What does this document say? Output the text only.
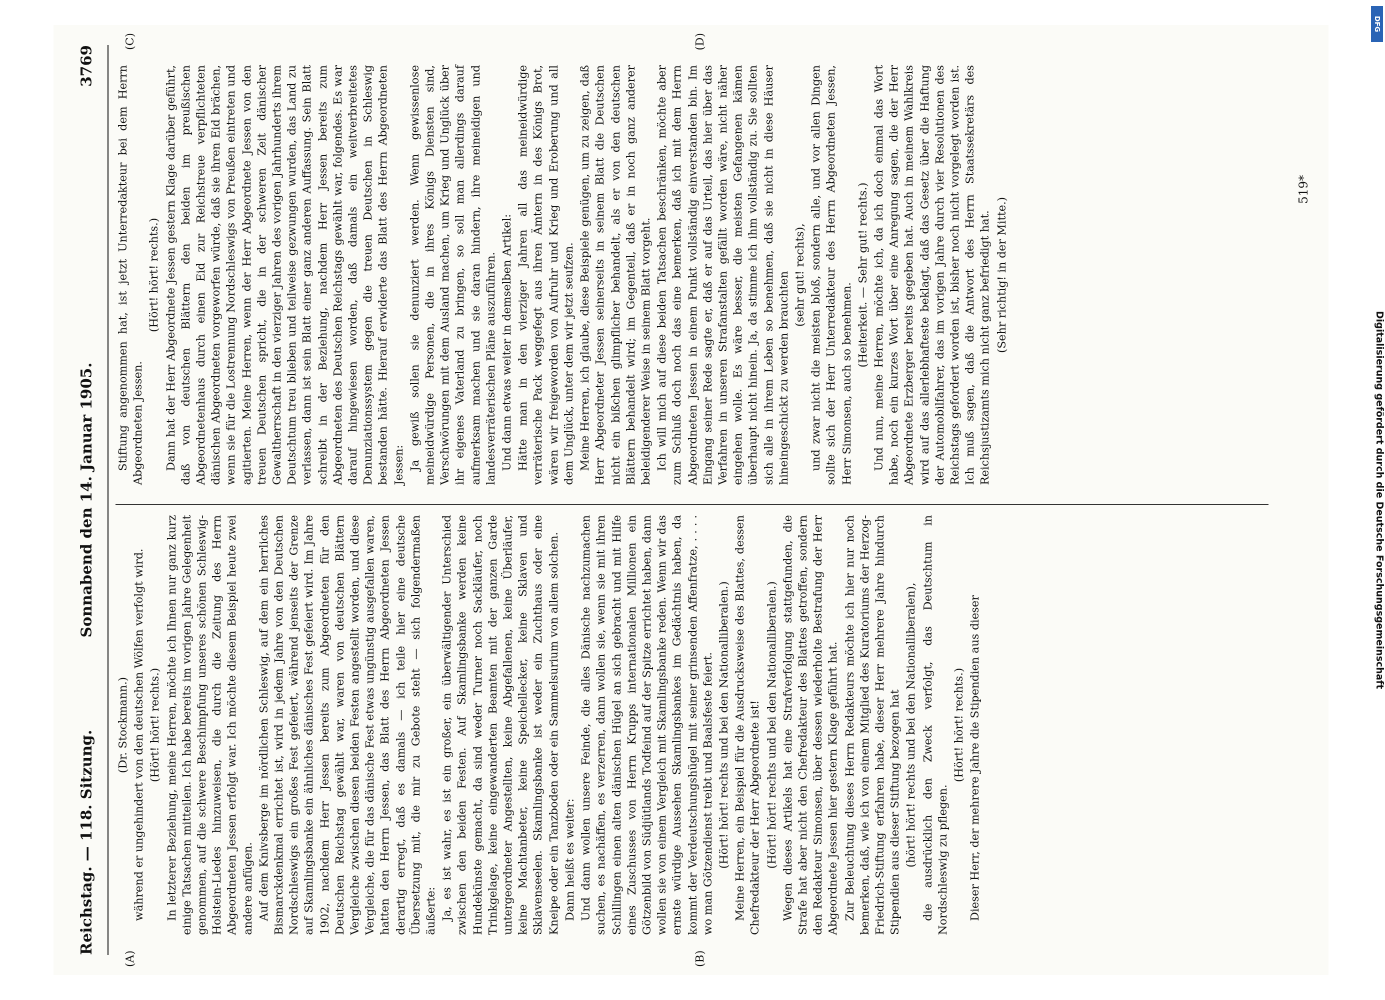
Reichstag. — 118. Sitzung.
Sonnabend den 14. Januar 1905.
3769
(A)	(B)
(C)	(D)

(Dr. Stockmann.) während er ungehindert von den deutschen Wölfen verfolgt wird. (Hört! hört! rechts.) In letzterer Beziehung, meine Herren, möchte ich Ihnen nur ganz kurz einige Tatsachen mitteilen. Ich habe bereits im vorigen Jahre Gelegenheit genommen, auf die schwere Beschimpfung unseres schönen Schleswig-Holstein-Liedes hinzuweisen, die durch die Zeitung des Herrn Abgeordneten Jessen erfolgt war. Ich möchte diesem Beispiel heute zwei andere anfügen. Auf dem Knivsberge im nördlichen Schleswig, auf dem ein herrliches Bismarckdenkmal errichtet ist, wird in jedem Jahre von den Deutschen Nordschleswigs ein großes Fest gefeiert, während jenseits der Grenze auf Skamlingsbanke ein ähnliches dänisches Fest gefeiert wird. Im Jahre 1902, nachdem Herr Jessen bereits zum Abgeordneten für den Deutschen Reichstag gewählt war, waren von deutschen Blättern Vergleiche zwischen diesen beiden Festen angestellt worden, und diese Vergleiche, die für das dänische Fest etwas ungünstig ausgefallen waren, hatten den Herrn Jessen, das Blatt des Herrn Abgeordneten Jessen derartig erregt, daß es damals — ich teile hier eine deutsche Übersetzung mit, die mir zu Gebote steht — sich folgendermaßen äußerte: Ja, es ist wahr, es ist ein großer, ein überwältigender Unterschied zwischen den beiden Festen. Auf Skamlingsbanke werden keine Hundekünste gemacht, da sind weder Turner noch Sackläufer, noch Trinkgelage, keine eingewanderten Beamten mit der ganzen Garde untergeordneter Angestellten, keine Abgefallenen, keine Überläufer, keine Machtanbeter, keine Speichellecker, keine Sklaven und Sklavenseelen. Skamlingsbanke ist weder ein Zuchthaus oder eine Kneipe oder ein Tanzboden oder ein Sammelsurium von allem solchen. Dann heißt es weiter: Und dann wollen unsere Feinde, die alles Dänische nachzumachen suchen, es nachäffen, es verzerren, dann wollen sie, wenn sie mit ihren Schillingen einen alten dänischen Hügel an sich gebracht und mit Hilfe eines Zuschusses von Herrn Krupps internationalen Millionen ein Götzenbild von Südjütlands Todfeind auf der Spitze errichtet haben, dann wollen sie von einem Vergleich mit Skamlingsbanke reden. Wenn wir das ernste würdige Aussehen Skamlingsbankes im Gedächtnis haben, da kommt der Verdeutschungshügel mit seiner grinsenden Affenfratze, . . . . wo man Götzendienst treibt und Baalsfeste feiert. (Hört! hört! rechts und bei den Nationalliberalen.) Meine Herren, ein Beispiel für die Ausdrucksweise des Blattes, dessen Chefredakteur der Herr Abgeordnete ist! (Hört! hört! rechts und bei den Nationalliberalen.) Wegen dieses Artikels hat eine Strafverfolgung stattgefunden, die Strafe hat aber nicht den Chefredakteur des Blattes getroffen, sondern den Redakteur Simonsen, über dessen wiederholte Bestrafung der Herr Abgeordnete Jessen hier gestern Klage geführt hat. Zur Beleuchtung dieses Herrn Redakteurs möchte ich hier nur noch bemerken, daß, wie ich von einem Mitglied des Kuratoriums der Herzog-Friedrich-Stiftung erfahren habe, dieser Herr mehrere Jahre hindurch Stipendien aus dieser Stiftung bezogen hat (hört! hört! rechts und bei den Nationalliberalen), die ausdrücklich den Zweck verfolgt, das Deutschtum in Nordschleswig zu pflegen.

(Hört! hört! rechts.) Dieser Herr, der mehrere Jahre die Stipendien aus dieser

Stiftung angenommen hat, ist jetzt Unterredakteur bei dem Herrn Abgeordneten Jessen.

(Hört! hört! rechts.) Dann hat der Herr Abgeordnete Jessen gestern Klage darüber geführt, daß von deutschen Blättern den beiden im preußischen Abgeordnetenhaus durch einen Eid zur Reichstreue verpflichteten dänischen Abgeordneten vorgeworfen würde, daß sie ihren Eid brächen, wenn sie für die Lostrennung Nordschleswigs von Preußen eintreten und agitierten. Meine Herren, wenn der Herr Abgeordnete Jessen von den treuen Deutschen spricht, die in der schweren Zeit dänischer Gewaltherrschaft in den vierziger Jahren des vorigen Jahrhunderts ihrem Deutschtum treu blieben und teilweise gezwungen wurden, das Land zu verlassen, dann ist sein Blatt einer ganz anderen Auffassung. Sein Blatt schreibt in der Beziehung, nachdem Herr Jessen bereits zum Abgeordneten des Deutschen Reichstags gewählt war, folgendes. Es war darauf hingewiesen worden, daß damals ein weitverbreitetes Denunziationssystem gegen die treuen Deutschen in Schleswig bestanden hätte. Hierauf erwiderte das Blatt des Herrn Abgeordneten Jessen: Ja gewiß sollen sie denunziert werden. Wenn gewissenlose meineidwürdige Personen, die in ihres Königs Diensten sind, Verschwörungen mit dem Ausland machen, um Krieg und Unglück über ihr eigenes Vaterland zu bringen, so soll man allerdings darauf aufmerksam machen und sie daran hindern, ihre meineidigen und landesverräterischen Pläne auszuführen. Und dann etwas weiter in demselben Artikel: Hätte man in den vierziger Jahren all das meineidwürdige verräterische Pack weggefegt aus ihren Ämtern in des Königs Brot, wären wir freigeworden von Aufruhr und Krieg und Eroberung und all dem Unglück, unter dem wir jetzt seufzen. Meine Herren, ich glaube, diese Beispiele genügen, um zu zeigen, daß Herr Abgeordneter Jessen seinerseits in seinem Blatt die Deutschen nicht ein bißchen glimpflicher behandelt, als er von den deutschen Blättern behandelt wird; im Gegenteil, daß er in noch ganz anderer beleidigenderer Weise in seinem Blatt vorgeht. Ich will mich auf diese beiden Tatsachen beschränken, möchte aber zum Schluß doch noch das eine bemerken, daß ich mit dem Herrn Abgeordneten Jessen in einem Punkt vollständig einverstanden bin. Im Eingang seiner Rede sagte er, daß er auf das Urteil, das hier über das Verfahren in unseren Strafanstalten gefällt worden wäre, nicht näher eingehen wolle. Es wäre besser, die meisten Gefangenen kämen überhaupt nicht hinein. Ja, da stimme ich ihm vollständig zu. Sie sollten sich alle in ihrem Leben so benehmen, daß sie nicht in diese Häuser hineingeschickt zu werden brauchten (sehr gut! rechts), und zwar nicht die meisten bloß, sondern alle, und vor allen Dingen sollte sich der Herr Unterredakteur des Herrn Abgeordneten Jessen, Herr Simonsen, auch so benehmen.

(Heiterkeit. — Sehr gut! rechts.) Und nun, meine Herren, möchte ich, da ich doch einmal das Wort habe, noch ein kurzes Wort über eine Anregung sagen, die der Herr Abgeordnete Erzberger bereits gegeben hat. Auch in meinem Wahlkreis wird auf das allerlebhafteste beklagt, daß das Gesetz über die Haftung der Automobilfahrer, das im vorigen Jahre durch vier Resolutionen des Reichstags gefordert worden ist, bisher noch nicht vorgelegt worden ist. Ich muß sagen, daß die Antwort des Herrn Staatssekretärs des Reichsjustizamts mich nicht ganz befriedigt hat. (Sehr richtig! in der Mitte.)

519*
DFG
Digitalisierung gefördert durch die Deutsche Forschungsgemeinschaft
